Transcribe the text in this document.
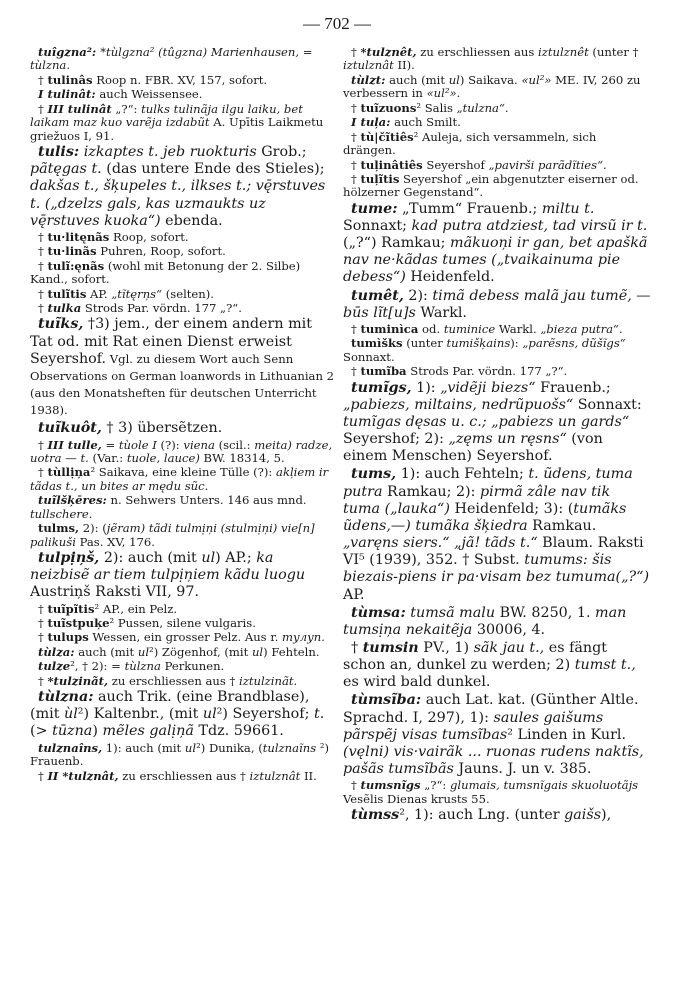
— 702 —

tuîgzna²: *tùlgzna² (tûgzna) Marienhausen, = tùlzna.

† tulinâs Roop n. FBR. XV, 157, sofort.

I tulinât: auch Weissensee.

† III tulinât „?“: tulks tulinãja ilgu laiku, bet laikam maz kuo varẽja izdabũt A. Upītis Laikmetu griežuos I, 91.

tulis: izkaptes t. jeb ruokturis Grob.; pãtęgas t. (das untere Ende des Stieles); dakšas t., šķupeles t., ilkses t.; vę̄rstuves t. („dzelzs gals, kas uzmaukts uz vę̄rstuves kuoka“) ebenda.

† tu·litęnãs Roop, sofort.

† tu·linãs Puhren, Roop, sofort.

† tulĩ:ęnãs (wohl mit Betonung der 2. Silbe) Kand., sofort.

† tulĩtis AP. „tĩtęrņs“ (selten).

† tulka Strods Par. vördn. 177 „?“.

tuĩks, †3) jem., der einem andern mit Tat od. mit Rat einen Dienst erweist Seyershof. Vgl. zu diesem Wort auch Senn Observations on German loanwords in Lithuanian 2 (aus den Monatsheften für deutschen Unterricht 1938).

tuĩkuôt, † 3) übersẽtzen.

† III tulle, = tùole I (?): viena (scil.: meita) radze, uotra — t. (Var.: tuole, lauce) BW. 18314, 5.

† tùllịņa² Saikava, eine kleine Tülle (?): akļiem ir tãdas t., un bites ar mędu sũc.

tuĩlšķēres: n. Sehwers Unters. 146 aus mnd. tullschere.

tulms, 2): (jẽram) tãdi tulmịņi (stulmịņi) vie[n] palikuši Pas. XV, 176.

tulpịņš, 2): auch (mit ul) AP.; ka neizbisẽ ar tiem tulpịņiem kãdu luogu Austriņš Raksti VII, 97.

† tuĩpĩtis² AP., ein Pelz.

† tuĩstpuķe² Pussen, silene vulgaris.

† tulups Wessen, ein grosser Pelz. Aus r. тулуп.

tùlza: auch (mit ul²) Zögenhof, (mit ul) Fehteln.

tulze², † 2): = tùlzna Perkunen.

† *tulzinãt, zu erschliessen aus † iztulzinãt.

tùlzna: auch Trik. (eine Brandblase), (mit ùl²) Kaltenbr., (mit ul²) Seyershof; t. (> tūzna) mẽles galịņã Tdz. 59661.

tulznaîns, 1): auch (mit ul²) Dunika, (tulznaĩns ²) Frauenb.

† II *tulznât, zu erschliessen aus † iztulznât II.

† *tulznêt, zu erschliessen aus iztulznêt (unter † iztulznât II).

tùlzt: auch (mit ul) Saikava. «ul²» ME. IV, 260 zu verbessern in «ul²».

† tuĩzuons² Salis „tulzna“.

I tuļa: auch Smilt.

† tù|čĩtiês² Auleja, sich versammeln, sich drängen.

† tuļinâtiês Seyershof „pavirši parãdĩties“.

† tuļĩtis Seyershof „ein abgenutzter eiserner od. hölzerner Gegenstand“.

tume: „Tumm“ Frauenb.; miltu t. Sonnaxt; kad putra atdziest, tad virsũ ir t. („?“) Ramkau; mãkuoņi ir gan, bet apaškã nav ne·kãdas tumes („tvaikainuma pie debess“) Heidenfeld.

tumêt, 2): timã debess malã jau tumẽ, — būs lĩt[u]s Warkl.

† tuminìca od. tuminice Warkl. „bieza putra“.

tumìšks (unter tumišķains): „parẽsns, dũšĩgs“ Sonnaxt.

† tumĩba Strods Par. vördn. 177 „?“.

tumĩgs, 1): „vidẽji biezs“ Frauenb.; „pabiezs, miltains, nedrũpuošs“ Sonnaxt: tumĩgas dęsas u. c.; „pabiezs un gards“ Seyershof; 2): „zęms un ręsns“ (von einem Menschen) Seyershof.

tums, 1): auch Fehteln; t. ũdens, tuma putra Ramkau; 2): pirmã zâle nav tik tuma („lauka“) Heidenfeld; 3): (tumãks ũdens,—) tumãka šķiedra Ramkau. „varęns siers.“ „jã! tãds t.“ Blaum. Raksti VI⁵ (1939), 352. † Subst. tumums: šis biezais-piens ir pa·visam bez tumuma(„?“) AP.

tùmsa: tumsã malu BW. 8250, 1. man tumsịņa nekaitẽja 30006, 4.

† tumsin PV., 1) sãk jau t., es fängt schon an, dunkel zu werden; 2) tumst t., es wird bald dunkel.

tùmsĩba: auch Lat. kat. (Günther Altle. Sprachd. I, 297), 1): saules gaišums pãrspẽj visas tumsĩbas² Linden in Kurl. (vęlni) vis·vairãk ... ruonas rudens naktĩs, pašãs tumsĩbãs Jauns. J. un v. 385.

† tumsnĩgs „?“: glumais, tumsnĩgais skuoluotãjs Vesẽlis Dienas krusts 55.

tùmss², 1): auch Lng. (unter gaišs),
